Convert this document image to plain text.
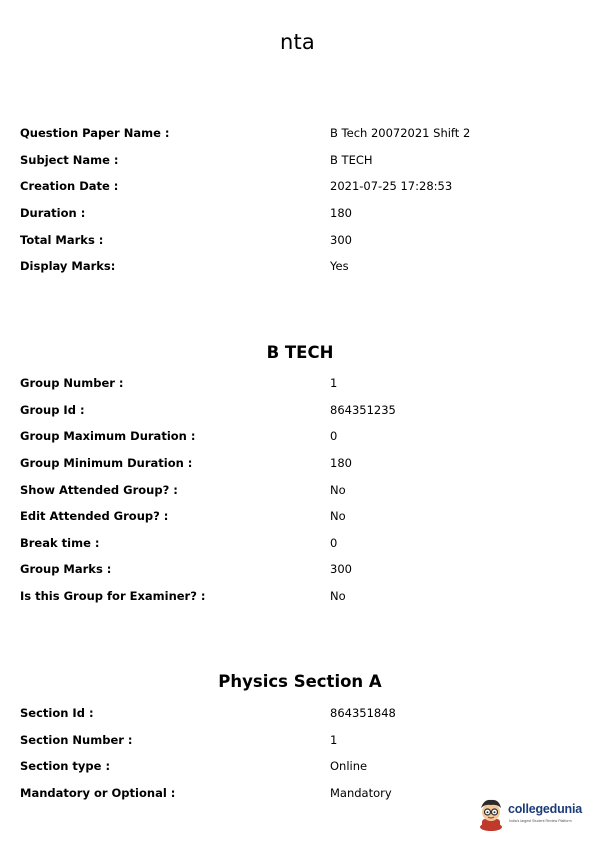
nta
Question Paper Name :	B Tech 20072021 Shift 2
Subject Name :	B TECH
Creation Date :	2021-07-25 17:28:53
Duration :	180
Total Marks :	300
Display Marks:	Yes
B TECH
Group Number :	1
Group Id :	864351235
Group Maximum Duration :	0
Group Minimum Duration :	180
Show Attended Group? :	No
Edit Attended Group? :	No
Break time :	0
Group Marks :	300
Is this Group for Examiner? :	No
Physics Section A
Section Id :	864351848
Section Number :	1
Section type :	Online
Mandatory or Optional :	Mandatory
collegedunia
India's largest Student Review Platform
